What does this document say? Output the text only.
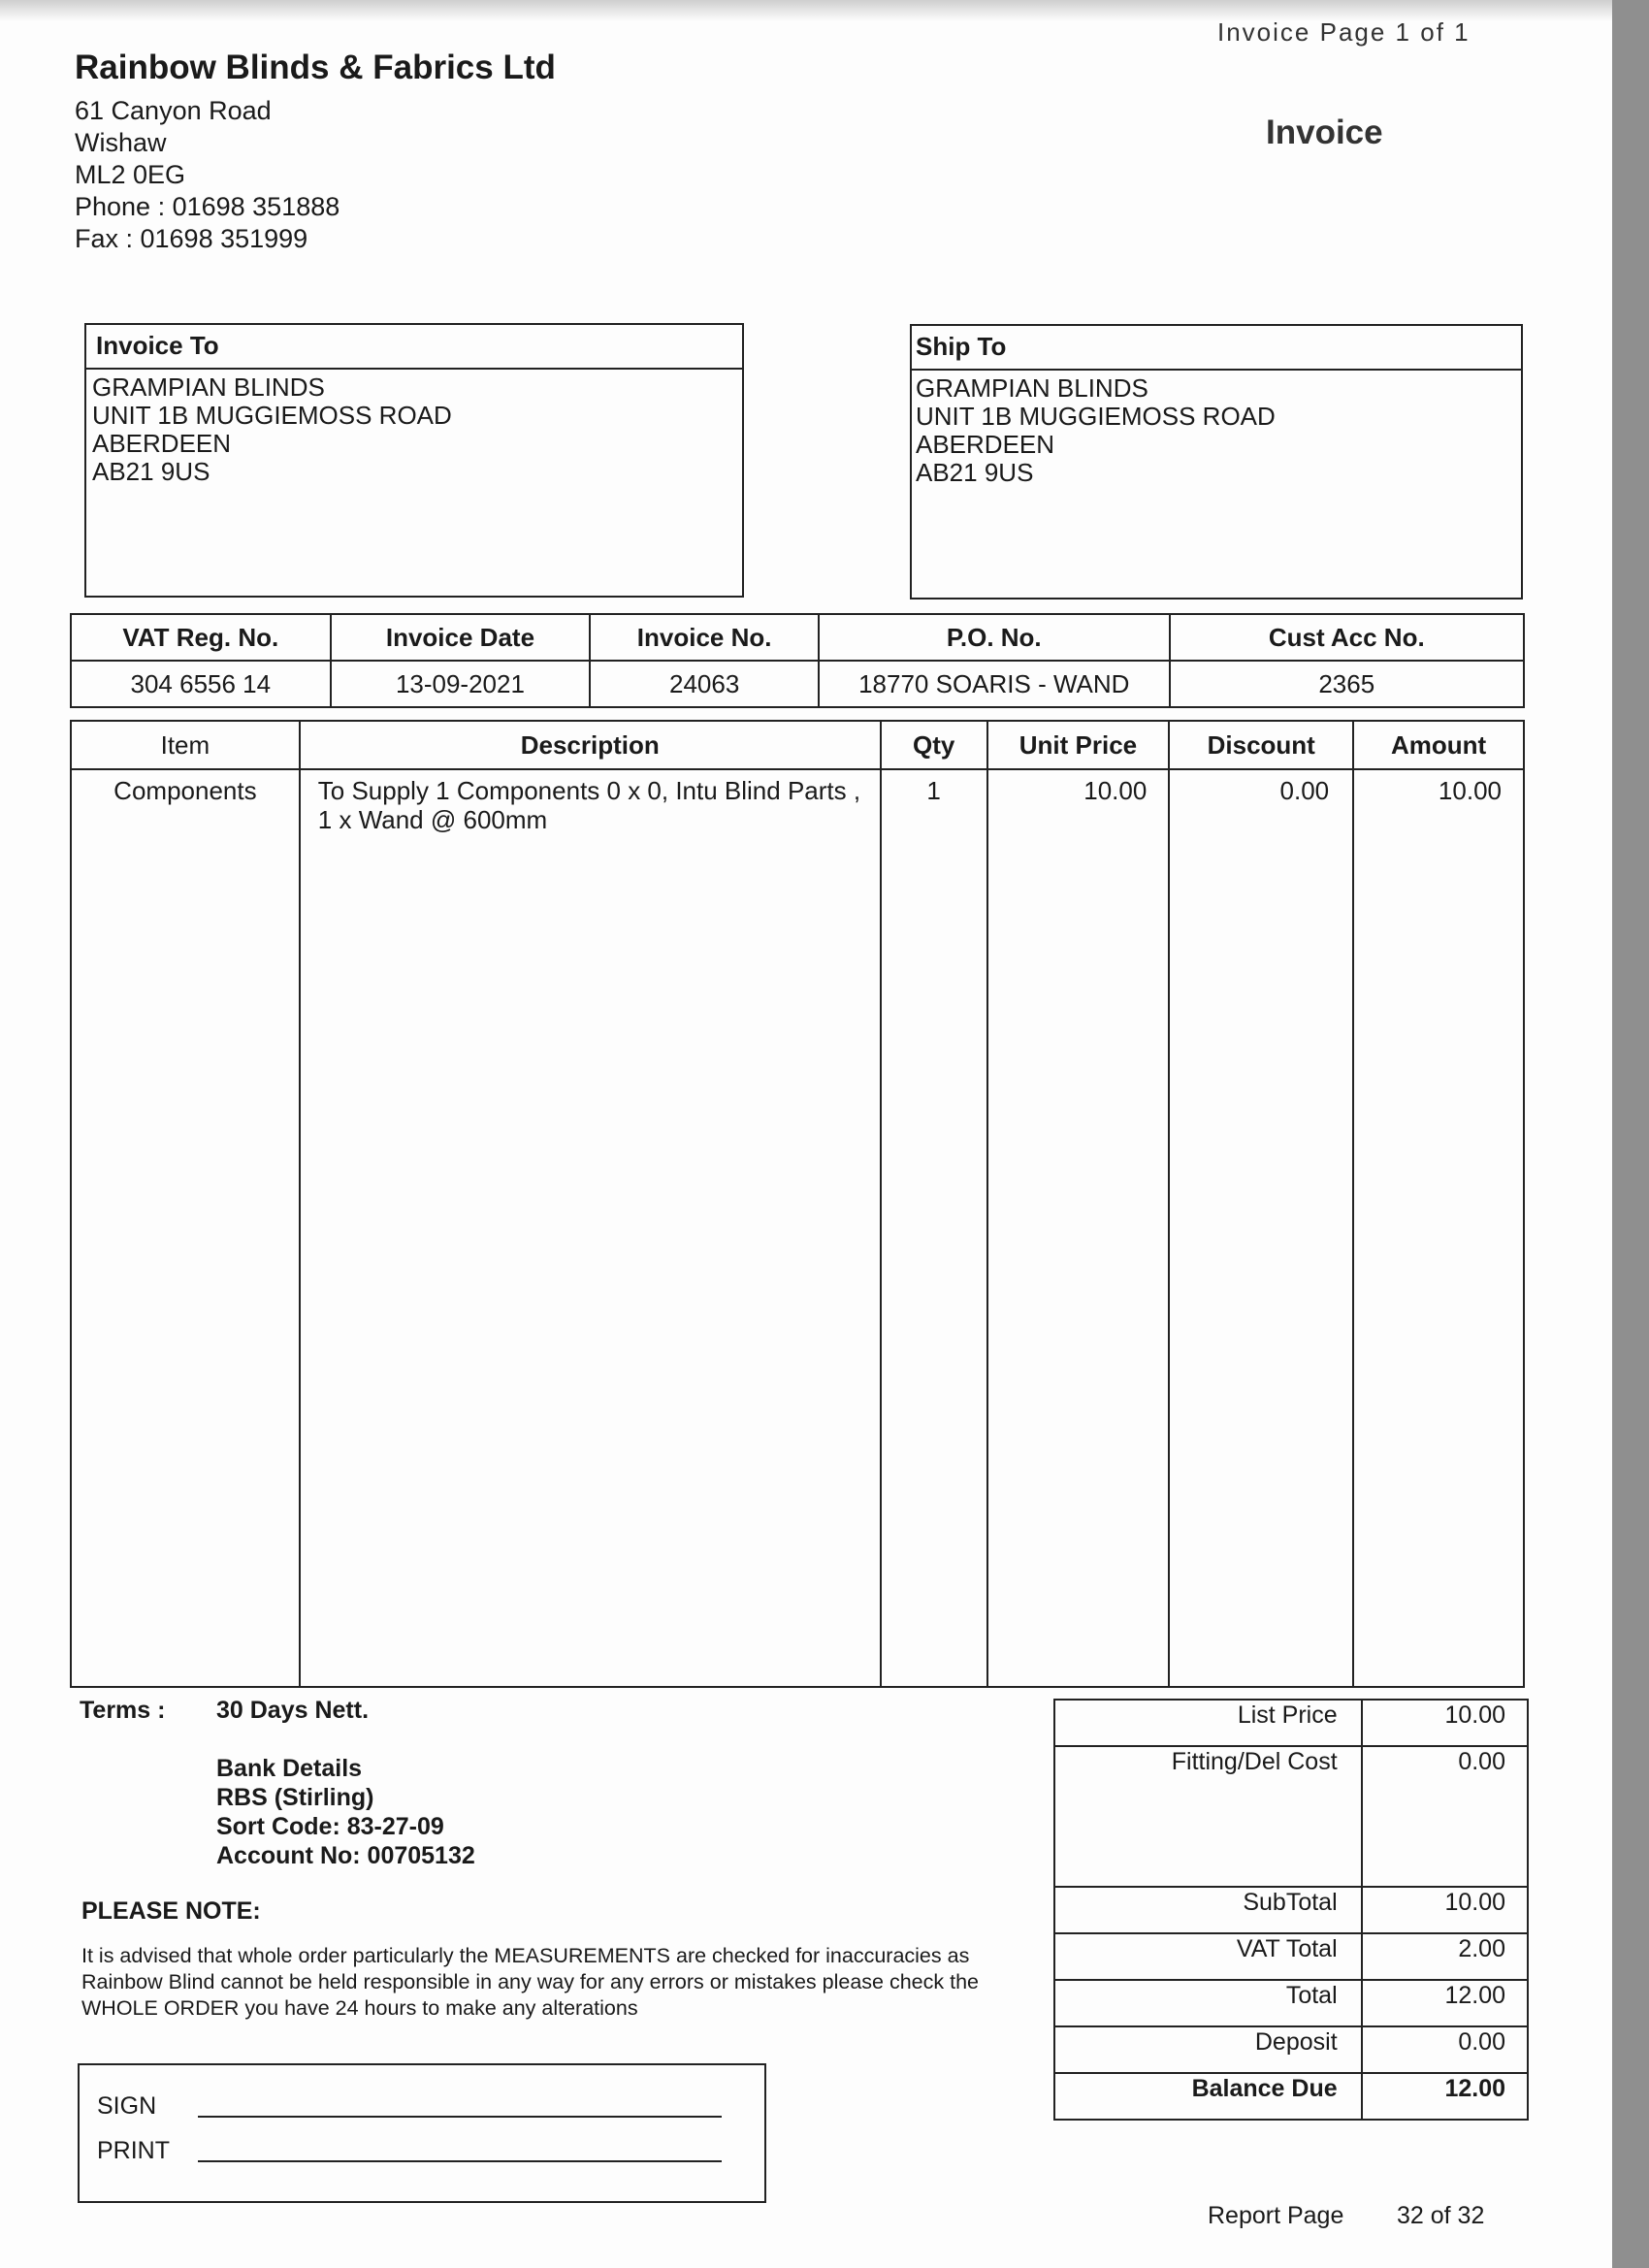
Rainbow Blinds & Fabrics Ltd
61 Canyon Road
Wishaw
ML2 0EG
Phone : 01698 351888
Fax : 01698 351999
Invoice Page 1 of 1
Invoice
Invoice To
GRAMPIAN BLINDS
UNIT 1B MUGGIEMOSS ROAD
ABERDEEN
AB21 9US
Ship To
GRAMPIAN BLINDS
UNIT 1B MUGGIEMOSS ROAD
ABERDEEN
AB21 9US
VAT Reg. No.	Invoice Date	Invoice No.	P.O. No.	Cust Acc No.
304 6556 14	13-09-2021	24063	18770 SOARIS - WAND	2365
Item	Description	Qty	Unit Price	Discount	Amount
Components	To Supply 1 Components 0 x 0, Intu Blind Parts , 1 x Wand @ 600mm	1	10.00	0.00	10.00
Terms : 30 Days Nett.
Bank Details
RBS (Stirling)
Sort Code: 83-27-09
Account No: 00705132
PLEASE NOTE:
It is advised that whole order particularly the MEASUREMENTS are checked for inaccuracies as Rainbow Blind cannot be held responsible in any way for any errors or mistakes please check the WHOLE ORDER you have 24 hours to make any alterations
List Price	10.00
Fitting/Del Cost	0.00
SubTotal	10.00
VAT Total	2.00
Total	12.00
Deposit	0.00
Balance Due	12.00
SIGN
PRINT
Report Page 32 of 32
